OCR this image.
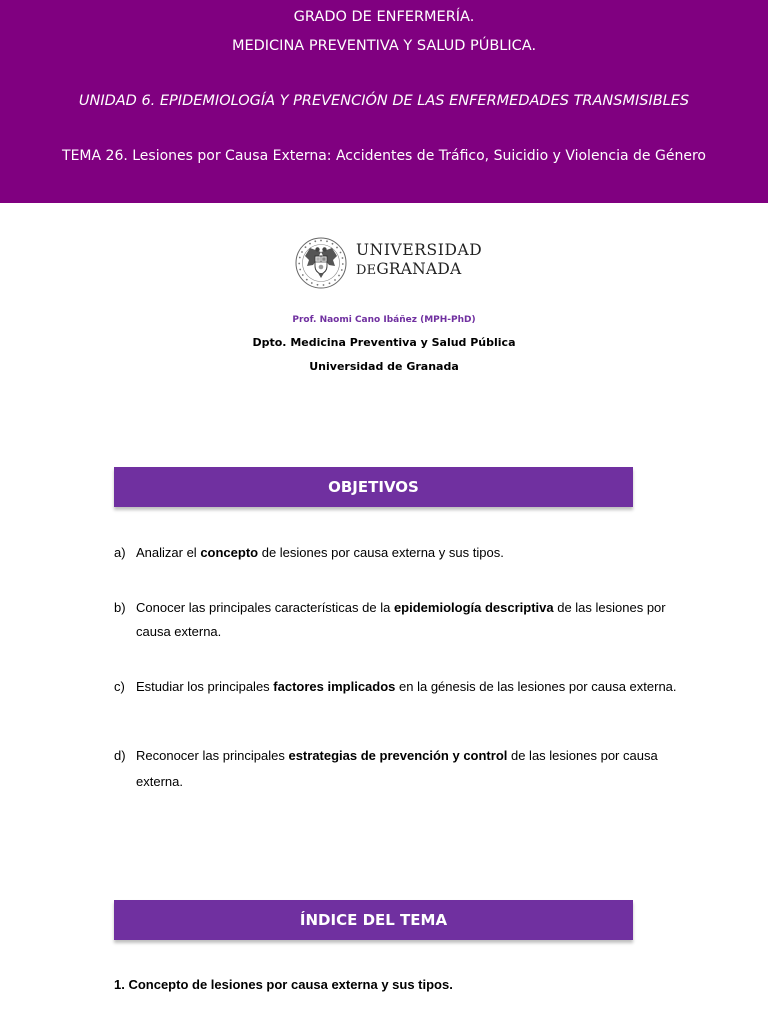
GRADO DE ENFERMERÍA.
MEDICINA PREVENTIVA Y SALUD PÚBLICA.
UNIDAD 6. EPIDEMIOLOGÍA Y PREVENCIÓN DE LAS ENFERMEDADES TRANSMISIBLES
TEMA 26. Lesiones por Causa Externa: Accidentes de Tráfico, Suicidio y Violencia de Género
UNIVERSIDAD
DEGRANADA
Prof. Naomi Cano Ibáñez (MPH-PhD)
Dpto. Medicina Preventiva y Salud Pública
Universidad de Granada
OBJETIVOS
a) Analizar el concepto de lesiones por causa externa y sus tipos.
b) Conocer las principales características de la epidemiología descriptiva de las lesiones por causa externa.
c) Estudiar los principales factores implicados en la génesis de las lesiones por causa externa.
d) Reconocer las principales estrategias de prevención y control de las lesiones por causa externa.
ÍNDICE DEL TEMA
1. Concepto de lesiones por causa externa y sus tipos.
